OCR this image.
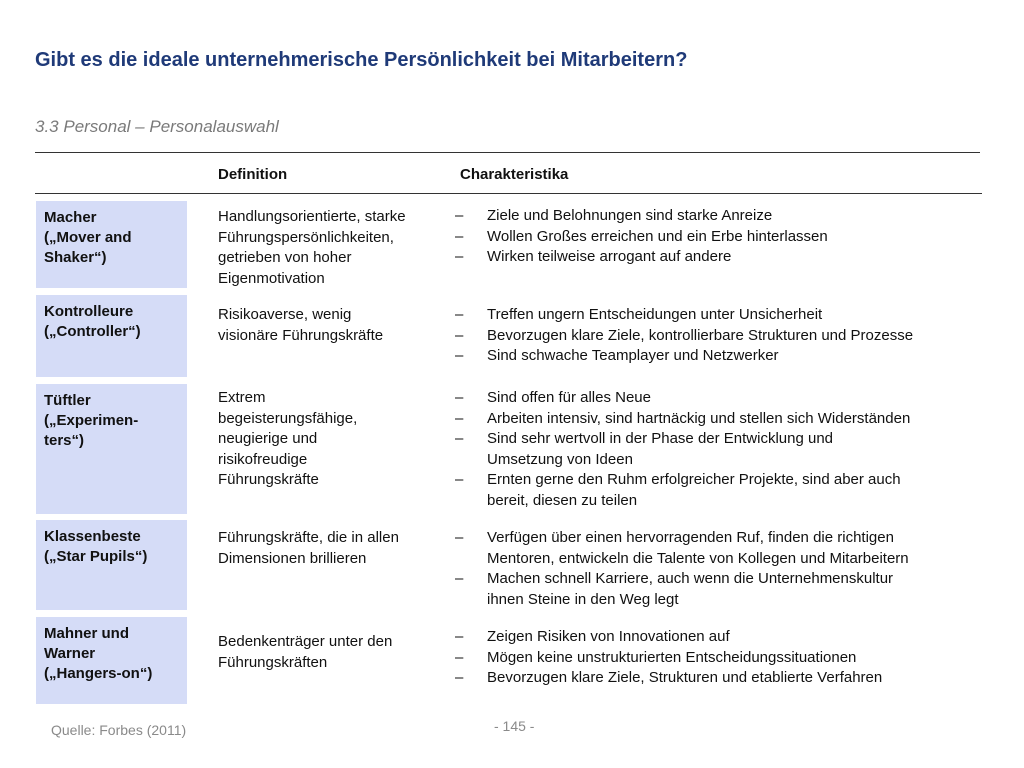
Gibt es die ideale unternehmerische Persönlichkeit bei Mitarbeitern?
3.3 Personal – Personalauswahl
Definition	Charakteristika
Macher
(„Mover and
Shaker“)
Handlungsorientierte, starke
Führungspersönlichkeiten,
getrieben von hoher
Eigenmotivation
– Ziele und Belohnungen sind starke Anreize
– Wollen Großes erreichen und ein Erbe hinterlassen
– Wirken teilweise arrogant auf andere
Kontrolleure
(„Controller“)
Risikoaverse, wenig
visionäre Führungskräfte
– Treffen ungern Entscheidungen unter Unsicherheit
– Bevorzugen klare Ziele, kontrollierbare Strukturen und Prozesse
– Sind schwache Teamplayer und Netzwerker
Tüftler
(„Experimen-
ters“)
Extrem
begeisterungsfähige,
neugierige und
risikofreudige
Führungskräfte
– Sind offen für alles Neue
– Arbeiten intensiv, sind hartnäckig und stellen sich Widerständen
– Sind sehr wertvoll in der Phase der Entwicklung und
Umsetzung von Ideen
– Ernten gerne den Ruhm erfolgreicher Projekte, sind aber auch
bereit, diesen zu teilen
Klassenbeste
(„Star Pupils“)
Führungskräfte, die in allen
Dimensionen brillieren
– Verfügen über einen hervorragenden Ruf, finden die richtigen
Mentoren, entwickeln die Talente von Kollegen und Mitarbeitern
– Machen schnell Karriere, auch wenn die Unternehmenskultur
ihnen Steine in den Weg legt
Mahner und
Warner
(„Hangers-on“)
Bedenkenträger unter den
Führungskräften
– Zeigen Risiken von Innovationen auf
– Mögen keine unstrukturierten Entscheidungssituationen
– Bevorzugen klare Ziele, Strukturen und etablierte Verfahren
Quelle: Forbes (2011)	- 145 -
